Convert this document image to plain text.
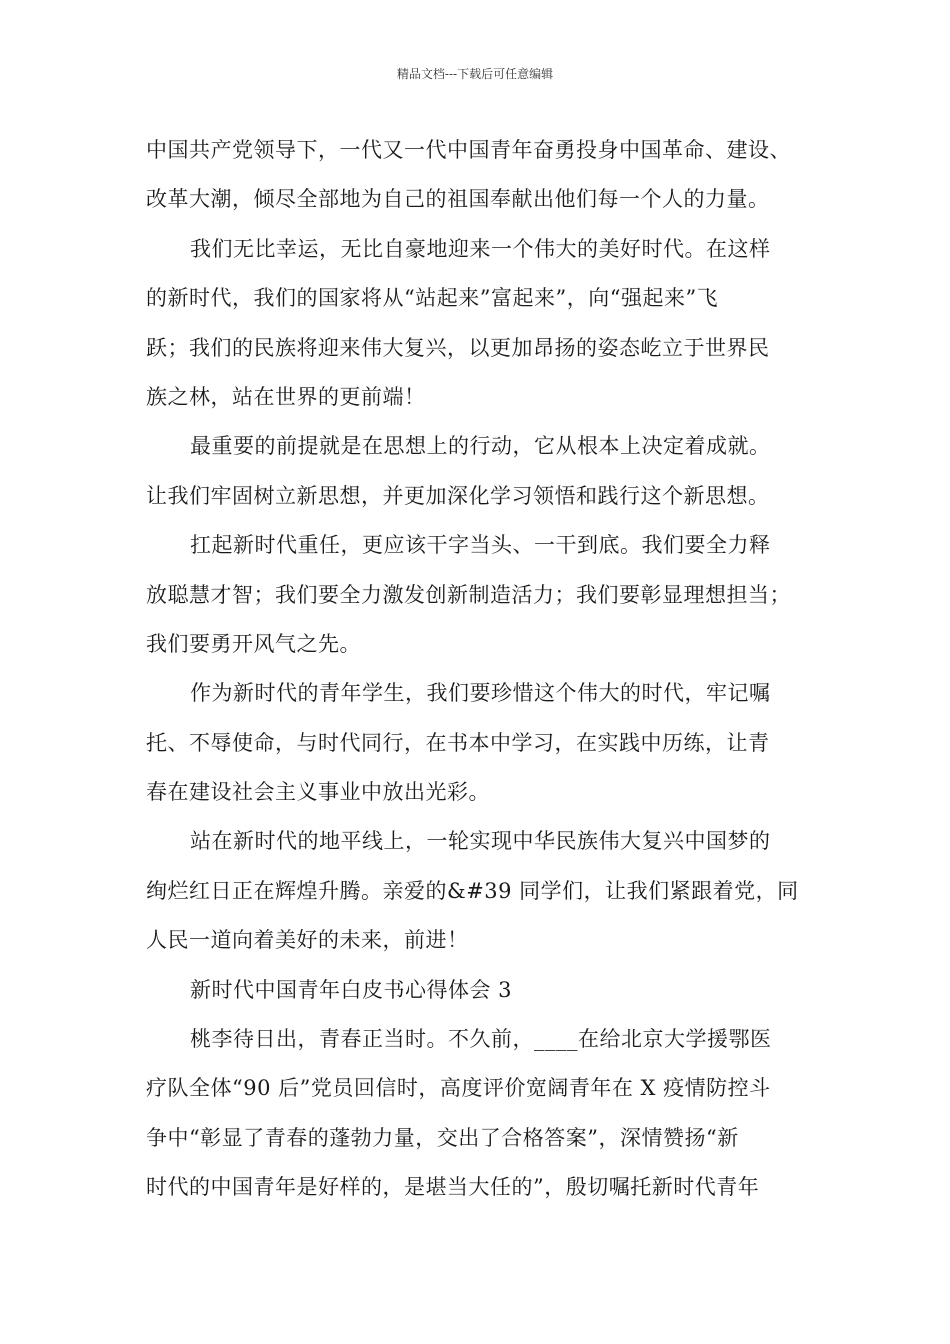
精品文档---下载后可任意编辑

中国共产党领导下，一代又一代中国青年奋勇投身中国革命、建设、
改革大潮，倾尽全部地为自己的祖国奉献出他们每一个人的力量。

我们无比幸运，无比自豪地迎来一个伟大的美好时代。在这样
的新时代，我们的国家将从“站起来”富起来”，向“强起来”飞
跃；我们的民族将迎来伟大复兴，以更加昂扬的姿态屹立于世界民
族之林，站在世界的更前端！

最重要的前提就是在思想上的行动，它从根本上决定着成就。
让我们牢固树立新思想，并更加深化学习领悟和践行这个新思想。

扛起新时代重任，更应该干字当头、一干到底。我们要全力释
放聪慧才智；我们要全力激发创新制造活力；我们要彰显理想担当；
我们要勇开风气之先。

作为新时代的青年学生，我们要珍惜这个伟大的时代，牢记嘱
托、不辱使命，与时代同行，在书本中学习，在实践中历练，让青
春在建设社会主义事业中放出光彩。

站在新时代的地平线上，一轮实现中华民族伟大复兴中国梦的
绚烂红日正在辉煌升腾。亲爱的&#39 同学们，让我们紧跟着党，同
人民一道向着美好的未来，前进！

新时代中国青年白皮书心得体会 3

桃李待日出，青春正当时。不久前，____在给北京大学援鄂医
疗队全体“90 后”党员回信时，高度评价宽阔青年在 X 疫情防控斗
争中“彰显了青春的蓬勃力量，交出了合格答案”，深情赞扬“新
时代的中国青年是好样的，是堪当大任的”，殷切嘱托新时代青年
